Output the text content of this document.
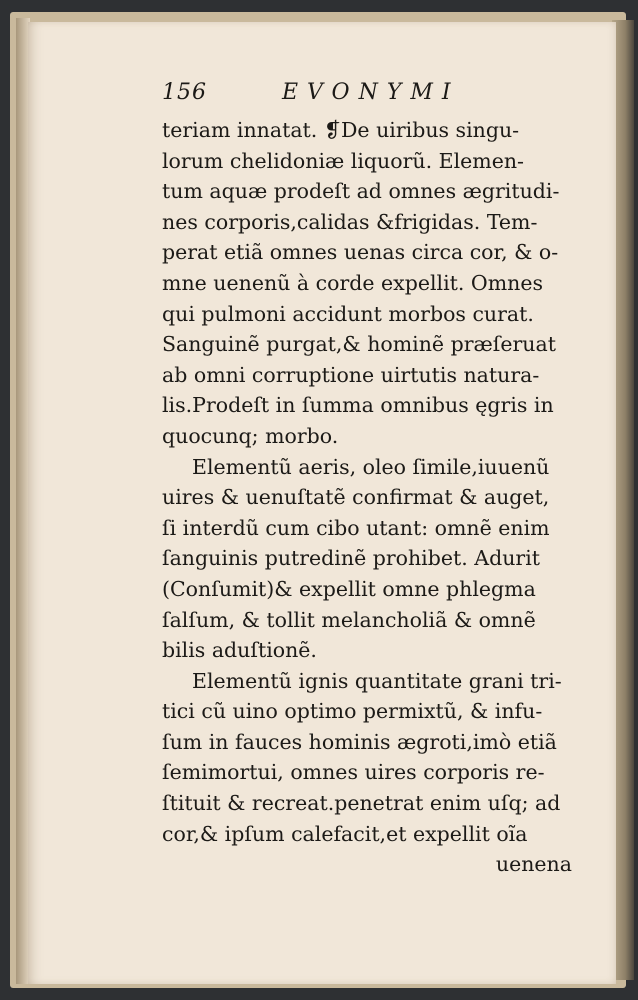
156	EVONYMI
teriam innatat. ❡De uiribus singu-
lorum chelidoniæ liquorũ. Elemen-
tum aquæ prodeſt ad omnes ægritudi-
nes corporis,calidas &frigidas. Tem-
perat etiã omnes uenas circa cor, & o-
mne uenenũ à corde expellit. Omnes
qui pulmoni accidunt morbos curat.
Sanguinẽ purgat,& hominẽ præſeruat
ab omni corruptione uirtutis natura-
lis.Prodeſt in ſumma omnibus ęgris in
quocunq; morbo.
Elementũ aeris, oleo ſimile,iuuenũ
uires & uenuſtatẽ confirmat & auget,
ſi interdũ cum cibo utant: omnẽ enim
ſanguinis putredinẽ prohibet. Adurit
(Conſumit)& expellit omne phlegma
ſalſum, & tollit melancholiã & omnẽ
bilis aduſtionẽ.
Elementũ ignis quantitate grani tri-
tici cũ uino optimo permixtũ, & infu-
ſum in fauces hominis ægroti,imò etiã
ſemimortui, omnes uires corporis re-
ſtituit & recreat.penetrat enim uſq; ad
cor,& ipſum calefacit,et expellit oĩa
uenena
